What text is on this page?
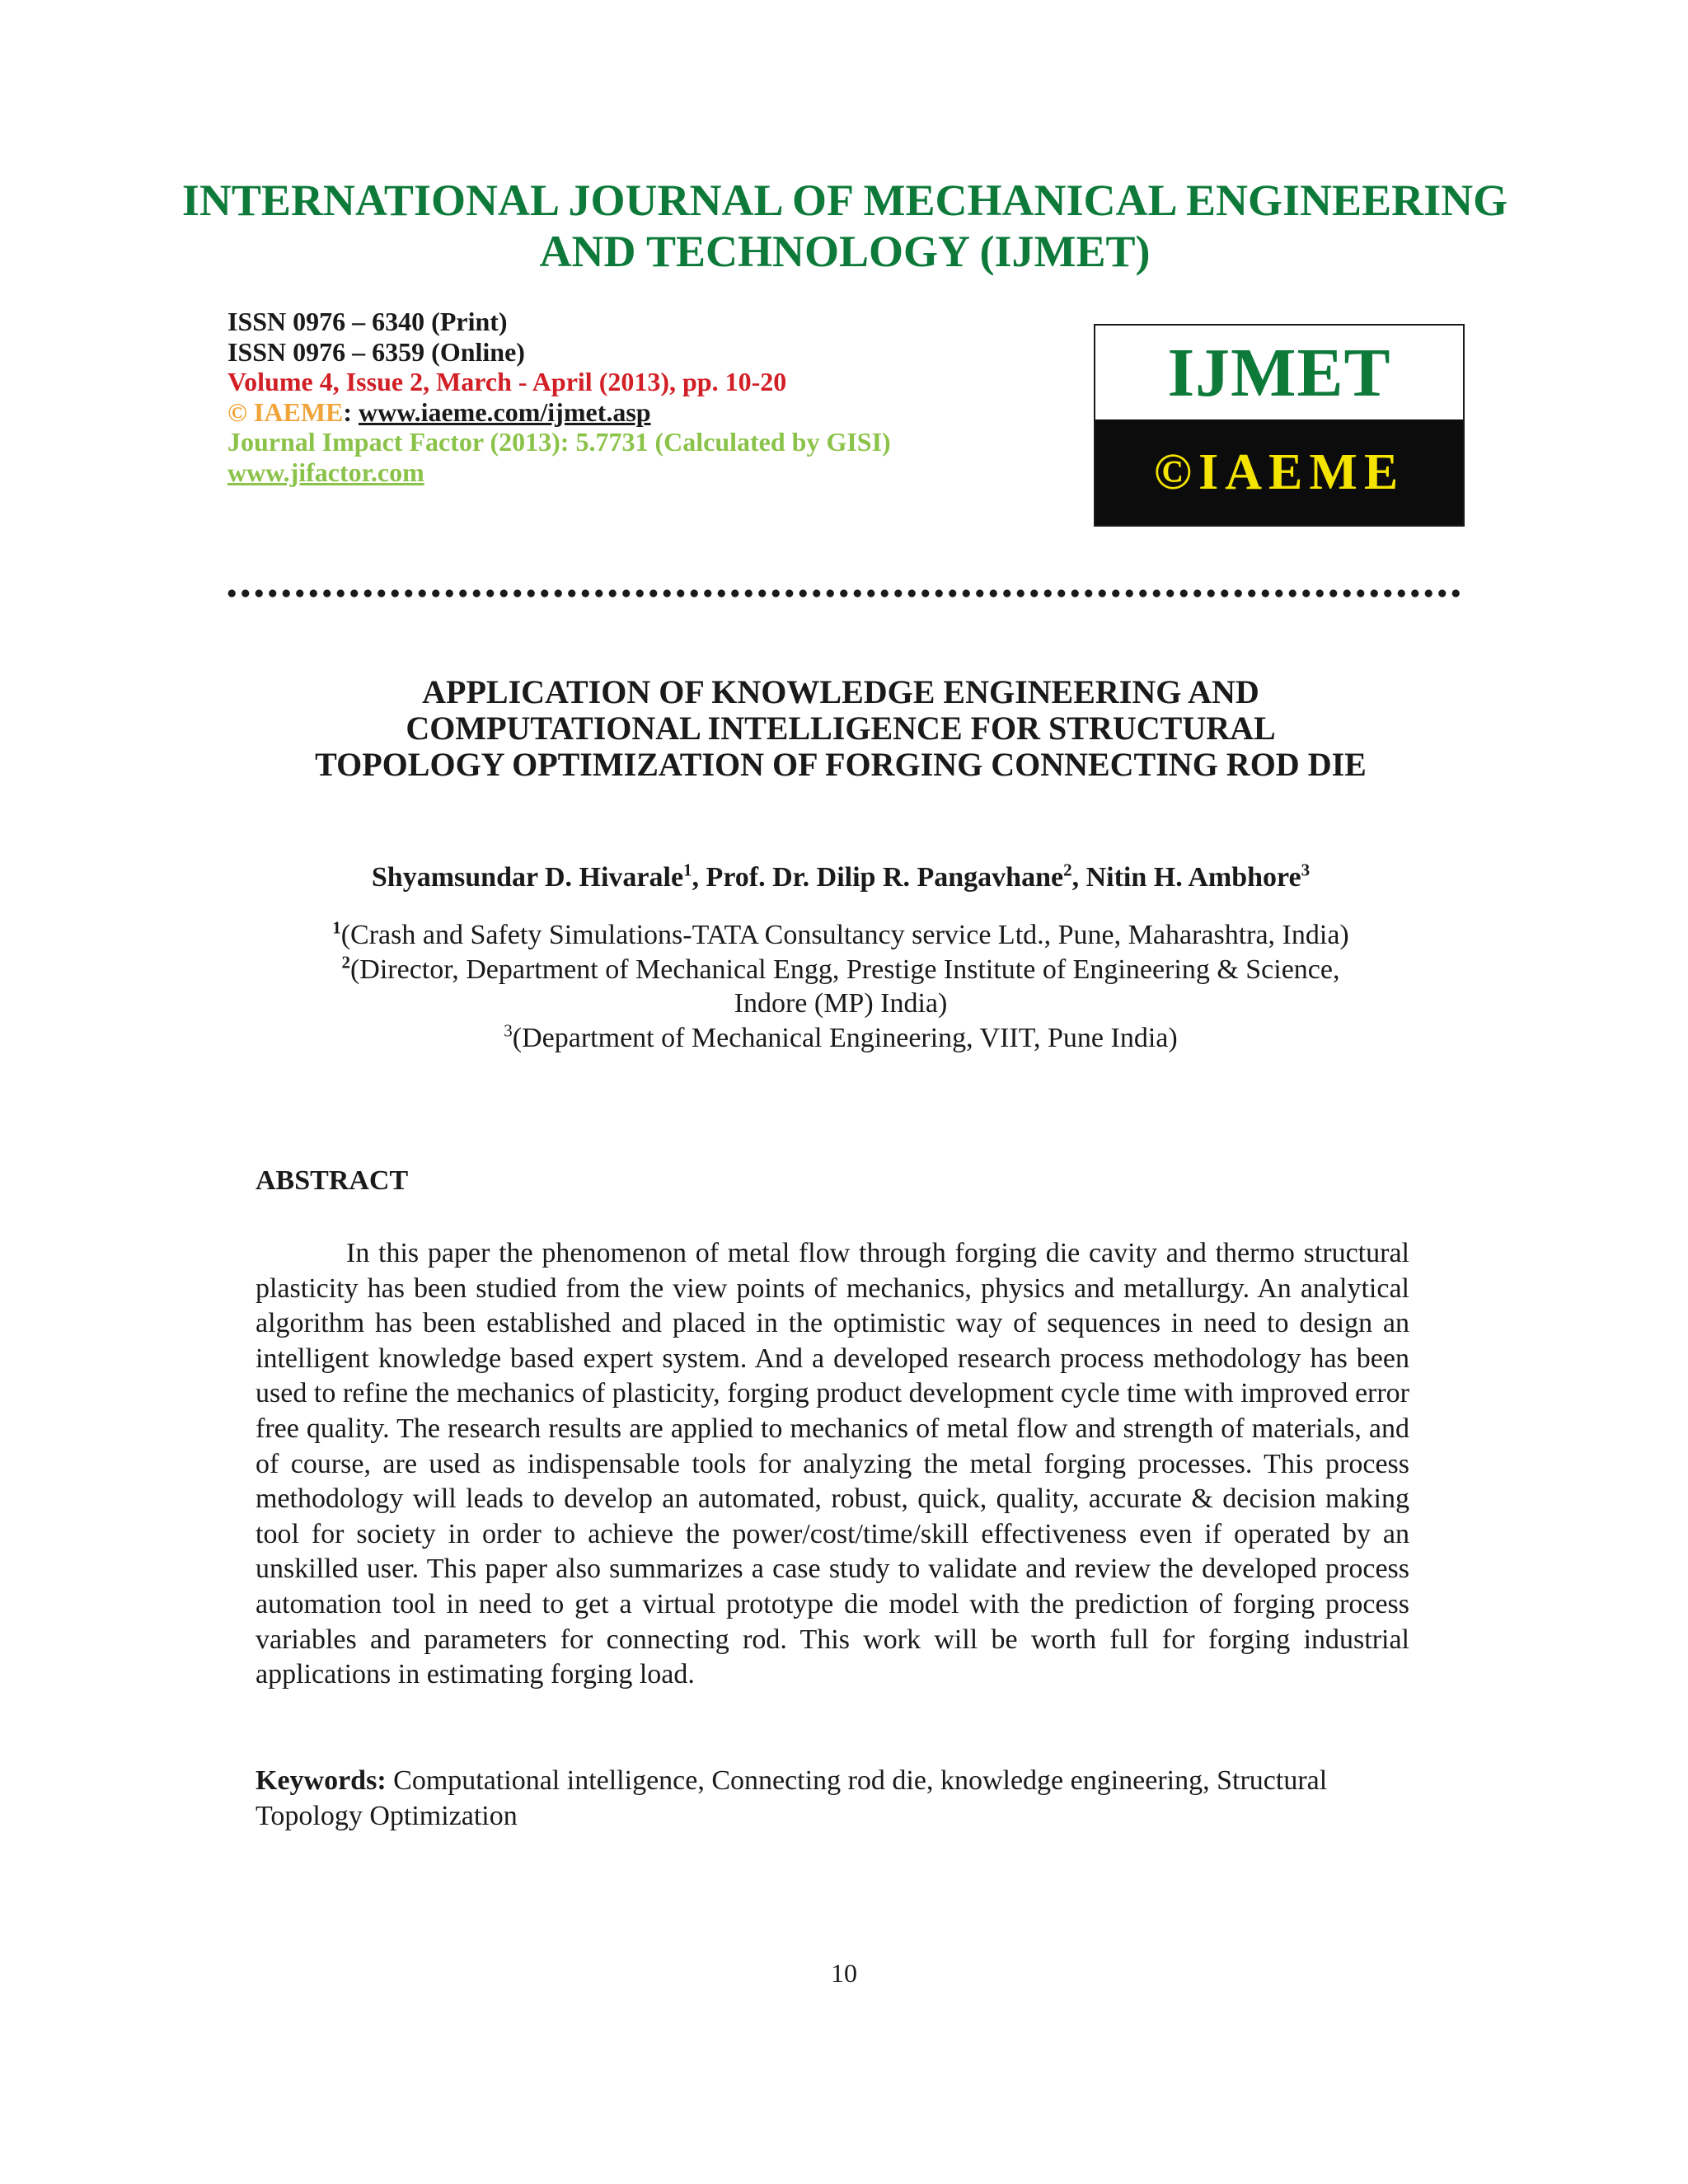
INTERNATIONAL JOURNAL OF MECHANICAL ENGINEERING
AND TECHNOLOGY (IJMET)
ISSN 0976 – 6340 (Print)
ISSN 0976 – 6359 (Online)
Volume 4, Issue 2, March - April (2013), pp. 10-20
© IAEME: www.iaeme.com/ijmet.asp
Journal Impact Factor (2013): 5.7731 (Calculated by GISI)
www.jifactor.com
IJMET
©IAEME
APPLICATION OF KNOWLEDGE ENGINEERING AND
COMPUTATIONAL INTELLIGENCE FOR STRUCTURAL
TOPOLOGY OPTIMIZATION OF FORGING CONNECTING ROD DIE
Shyamsundar D. Hivarale$^1$, Prof. Dr. Dilip R. Pangavhane$^2$, Nitin H. Ambhore$^3$
$^1$(Crash and Safety Simulations-TATA Consultancy service Ltd., Pune, Maharashtra, India)
$^2$(Director, Department of Mechanical Engg, Prestige Institute of Engineering & Science,
Indore (MP) India)
$^3$(Department of Mechanical Engineering, VIIT, Pune India)
ABSTRACT
In this paper the phenomenon of metal flow through forging die cavity and thermo structural plasticity has been studied from the view points of mechanics, physics and metallurgy. An analytical algorithm has been established and placed in the optimistic way of sequences in need to design an intelligent knowledge based expert system. And a developed research process methodology has been used to refine the mechanics of plasticity, forging product development cycle time with improved error free quality. The research results are applied to mechanics of metal flow and strength of materials, and of course, are used as indispensable tools for analyzing the metal forging processes. This process methodology will leads to develop an automated, robust, quick, quality, accurate & decision making tool for society in order to achieve the power/cost/time/skill effectiveness even if operated by an unskilled user. This paper also summarizes a case study to validate and review the developed process automation tool in need to get a virtual prototype die model with the prediction of forging process variables and parameters for connecting rod. This work will be worth full for forging industrial applications in estimating forging load.
Keywords: Computational intelligence, Connecting rod die, knowledge engineering, Structural Topology Optimization
10
